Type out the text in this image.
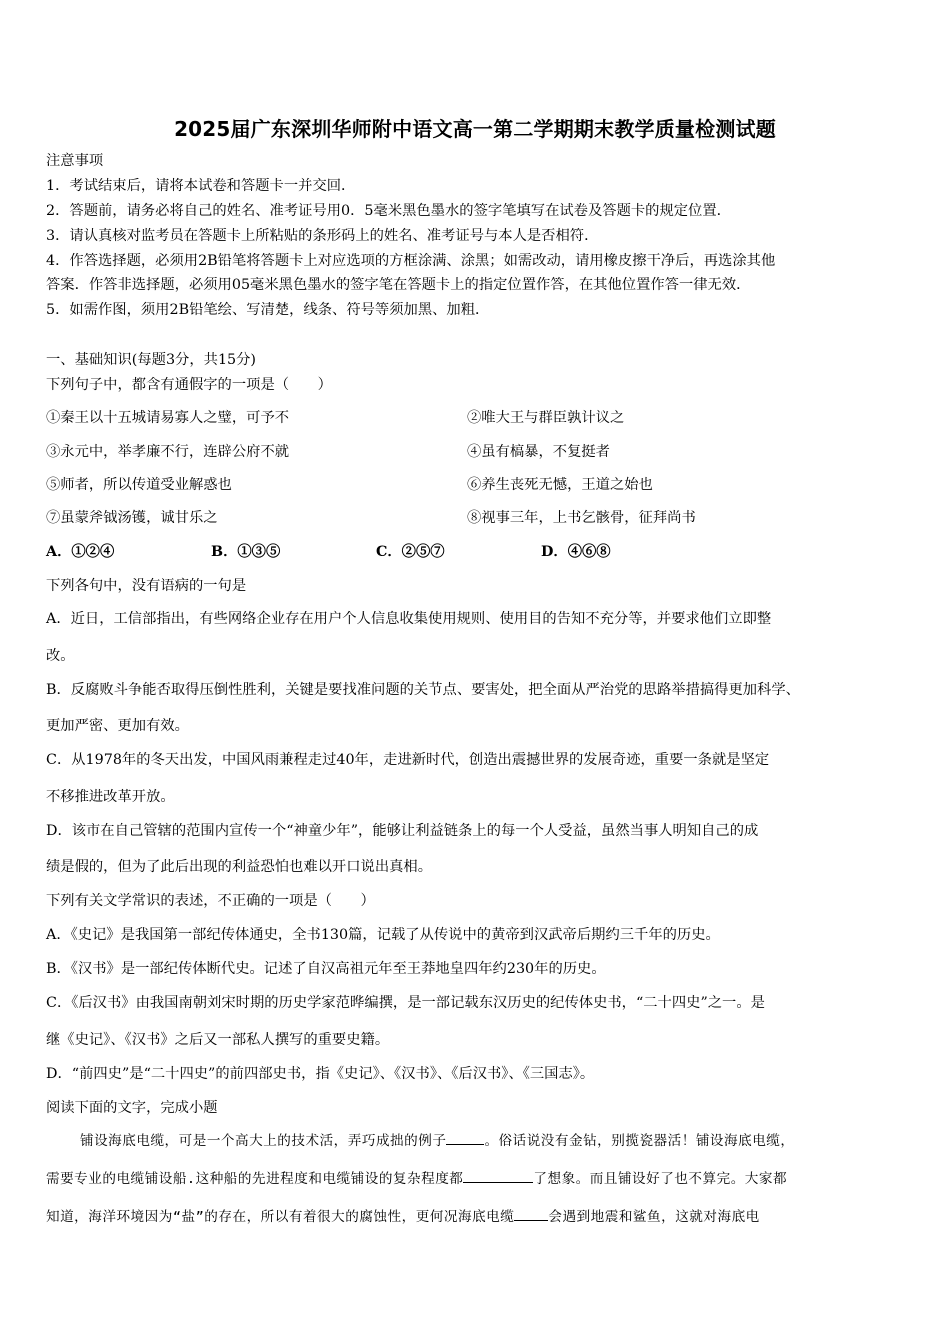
2025届广东深圳华师附中语文高一第二学期期末教学质量检测试题
注意事项
1．考试结束后，请将本试卷和答题卡一并交回．
2．答题前，请务必将自己的姓名、准考证号用0．5毫米黑色墨水的签字笔填写在试卷及答题卡的规定位置．
3．请认真核对监考员在答题卡上所粘贴的条形码上的姓名、准考证号与本人是否相符．
4．作答选择题，必须用2B铅笔将答题卡上对应选项的方框涂满、涂黑；如需改动，请用橡皮擦干净后，再选涂其他
答案．作答非选择题，必须用05毫米黑色墨水的签字笔在答题卡上的指定位置作答，在其他位置作答一律无效．
5．如需作图，须用2B铅笔绘、写清楚，线条、符号等须加黑、加粗．
一、基础知识(每题3分，共15分)
下列句子中，都含有通假字的一项是（　　）
①秦王以十五城请易寡人之璧，可予不	②唯大王与群臣孰计议之
③永元中，举孝廉不行，连辟公府不就	④虽有槁暴，不复挺者
⑤师者，所以传道受业解惑也	⑥养生丧死无憾，王道之始也
⑦虽蒙斧钺汤镬，诚甘乐之	⑧视事三年，上书乞骸骨，征拜尚书
A．①②④	B．①③⑤	C．②⑤⑦	D．④⑥⑧
下列各句中，没有语病的一句是
A．近日，工信部指出，有些网络企业存在用户个人信息收集使用规则、使用目的告知不充分等，并要求他们立即整
改。
B．反腐败斗争能否取得压倒性胜利，关键是要找准问题的关节点、要害处，把全面从严治党的思路举措搞得更加科学、
更加严密、更加有效。
C．从1978年的冬天出发，中国风雨兼程走过40年，走进新时代，创造出震撼世界的发展奇迹，重要一条就是坚定
不移推进改革开放。
D．该市在自己管辖的范围内宣传一个“神童少年”，能够让利益链条上的每一个人受益，虽然当事人明知自己的成
绩是假的，但为了此后出现的利益恐怕也难以开口说出真相。
下列有关文学常识的表述，不正确的一项是（　　）
A．《史记》是我国第一部纪传体通史，全书130篇，记载了从传说中的黄帝到汉武帝后期约三千年的历史。
B．《汉书》是一部纪传体断代史。记述了自汉高祖元年至王莽地皇四年约230年的历史。
C．《后汉书》由我国南朝刘宋时期的历史学家范晔编撰，是一部记载东汉历史的纪传体史书，“二十四史”之一。是
继《史记》、《汉书》之后又一部私人撰写的重要史籍。
D．“前四史”是“二十四史”的前四部史书，指《史记》、《汉书》、《后汉书》、《三国志》。
阅读下面的文字，完成小题
铺设海底电缆，可是一个高大上的技术活，弄巧成拙的例子	。俗话说没有金钻，别揽瓷器活！铺设海底电缆，
需要专业的电缆铺设船.这种船的先进程度和电缆铺设的复杂程度都	了想象。而且铺设好了也不算完。大家都
知道，海洋环境因为“盐”的存在，所以有着很大的腐蚀性，更何况海底电缆	会遇到地震和鲨鱼，这就对海底电
